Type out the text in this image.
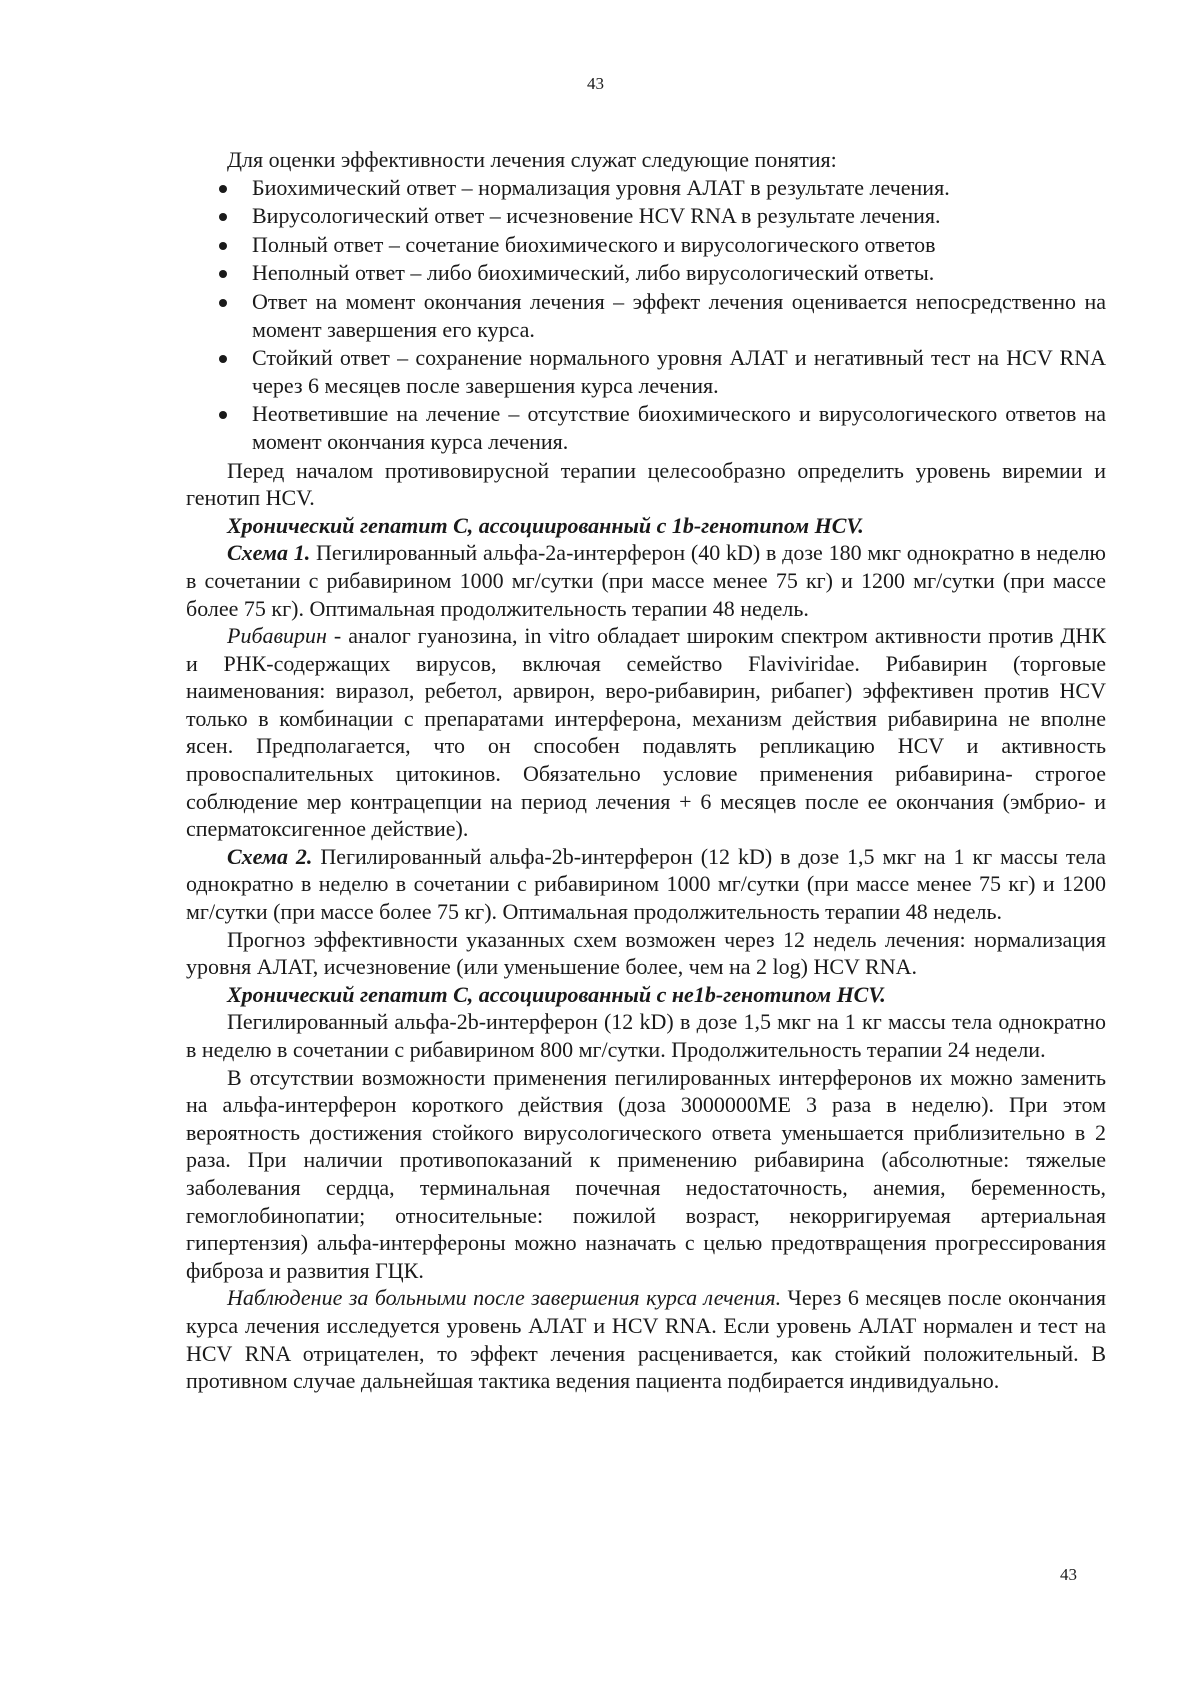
43

Для оценки эффективности лечения служат следующие понятия:

Биохимический ответ – нормализация уровня АЛАТ в результате лечения.
Вирусологический ответ – исчезновение HCV RNA в результате лечения.
Полный ответ – сочетание биохимического и вирусологического ответов
Неполный ответ – либо биохимический, либо вирусологический ответы.
Ответ на момент окончания лечения – эффект лечения оценивается непосредственно на момент завершения его курса.
Стойкий ответ – сохранение нормального уровня АЛАТ и негативный тест на HCV RNA через 6 месяцев после завершения курса лечения.
Неответившие на лечение – отсутствие биохимического и вирусологического ответов на момент окончания курса лечения.

Перед началом противовирусной терапии целесообразно определить уровень виремии и генотип HCV.

Хронический гепатит С, ассоциированный с 1b-генотипом HCV.

Схема 1. Пегилированный альфа-2а-интерферон (40 kD) в дозе 180 мкг однократно в неделю в сочетании с рибавирином 1000 мг/сутки (при массе менее 75 кг) и 1200 мг/сутки (при массе более 75 кг). Оптимальная продолжительность терапии 48 недель.

Рибавирин - аналог гуанозина, in vitro обладает широким спектром активности против ДНК и РНК-содержащих вирусов, включая семейство Flaviviridae. Рибавирин (торговые наименования: виразол, ребетол, арвирон, веро-рибавирин, рибапег) эффективен против HCV только в комбинации с препаратами интерферона, механизм действия рибавирина не вполне ясен. Предполагается, что он способен подавлять репликацию HCV и активность провоспалительных цитокинов. Обязательно условие применения рибавирина- строгое соблюдение мер контрацепции на период лечения + 6 месяцев после ее окончания (эмбрио- и сперматоксигенное действие).

Схема 2. Пегилированный альфа-2b-интерферон (12 kD) в дозе 1,5 мкг на 1 кг массы тела однократно в неделю в сочетании с рибавирином 1000 мг/сутки (при массе менее 75 кг) и 1200 мг/сутки (при массе более 75 кг). Оптимальная продолжительность терапии 48 недель.

Прогноз эффективности указанных схем возможен через 12 недель лечения: нормализация уровня АЛАТ, исчезновение (или уменьшение более, чем на 2 log) HCV RNA.

Хронический гепатит С, ассоциированный с не1b-генотипом HCV.

Пегилированный альфа-2b-интерферон (12 kD) в дозе 1,5 мкг на 1 кг массы тела однократно в неделю в сочетании с рибавирином 800 мг/сутки. Продолжительность терапии 24 недели.

В отсутствии возможности применения пегилированных интерферонов их можно заменить на альфа-интерферон короткого действия (доза 3000000МЕ 3 раза в неделю). При этом вероятность достижения стойкого вирусологического ответа уменьшается приблизительно в 2 раза. При наличии противопоказаний к применению рибавирина (абсолютные: тяжелые заболевания сердца, терминальная почечная недостаточность, анемия, беременность, гемоглобинопатии; относительные: пожилой возраст, некорригируемая артериальная гипертензия) альфа-интерфероны можно назначать с целью предотвращения прогрессирования фиброза и развития ГЦК.

Наблюдение за больными после завершения курса лечения. Через 6 месяцев после окончания курса лечения исследуется уровень АЛАТ и HCV RNA. Если уровень АЛАТ нормален и тест на HCV RNA отрицателен, то эффект лечения расценивается, как стойкий положительный. В противном случае дальнейшая тактика ведения пациента подбирается индивидуально.

43
